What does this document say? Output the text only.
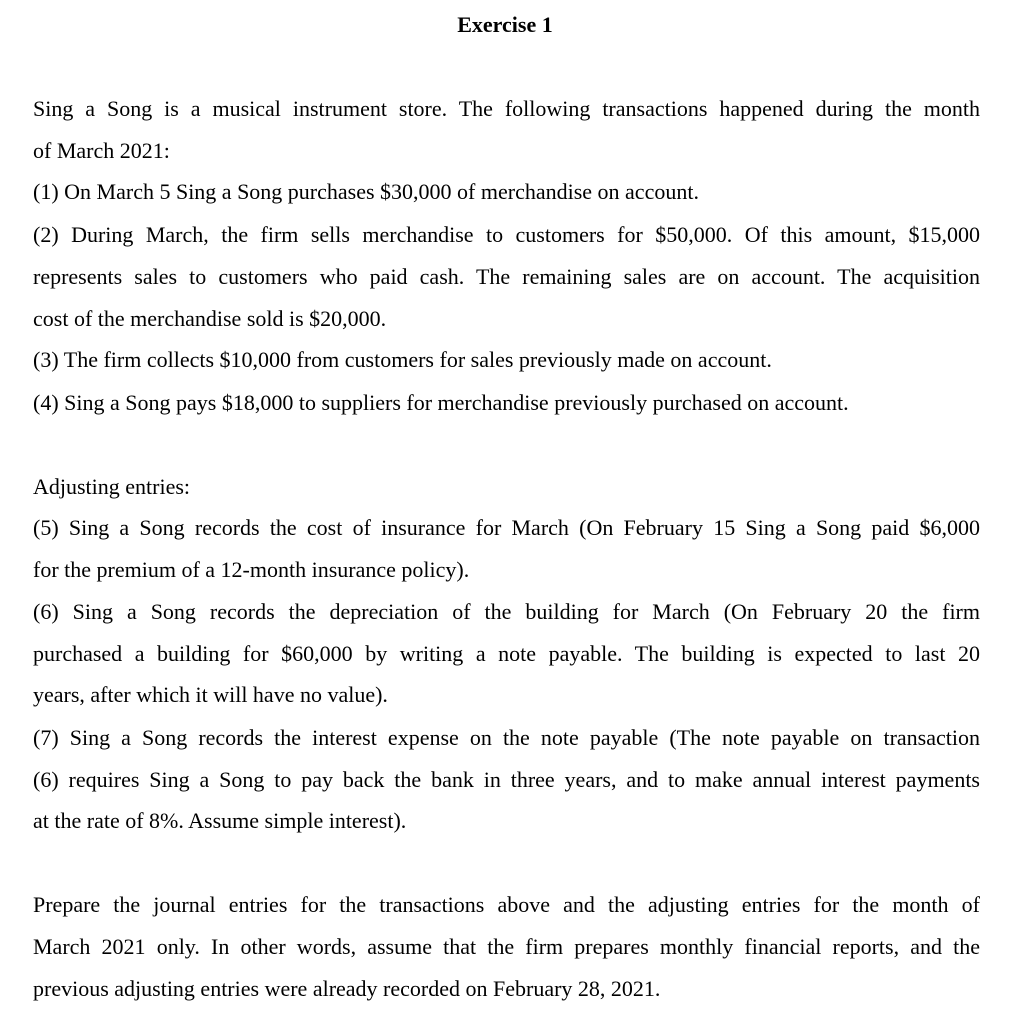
Exercise 1
Sing a Song is a musical instrument store. The following transactions happened during the month
of March 2021:
(1) On March 5 Sing a Song purchases $30,000 of merchandise on account.
(2) During March, the firm sells merchandise to customers for $50,000. Of this amount, $15,000
represents sales to customers who paid cash. The remaining sales are on account. The acquisition
cost of the merchandise sold is $20,000.
(3) The firm collects $10,000 from customers for sales previously made on account.
(4) Sing a Song pays $18,000 to suppliers for merchandise previously purchased on account.
Adjusting entries:
(5) Sing a Song records the cost of insurance for March (On February 15 Sing a Song paid $6,000
for the premium of a 12-month insurance policy).
(6) Sing a Song records the depreciation of the building for March (On February 20 the firm
purchased a building for $60,000 by writing a note payable. The building is expected to last 20
years, after which it will have no value).
(7) Sing a Song records the interest expense on the note payable (The note payable on transaction
(6) requires Sing a Song to pay back the bank in three years, and to make annual interest payments
at the rate of 8%. Assume simple interest).
Prepare the journal entries for the transactions above and the adjusting entries for the month of
March 2021 only. In other words, assume that the firm prepares monthly financial reports, and the
previous adjusting entries were already recorded on February 28, 2021.
